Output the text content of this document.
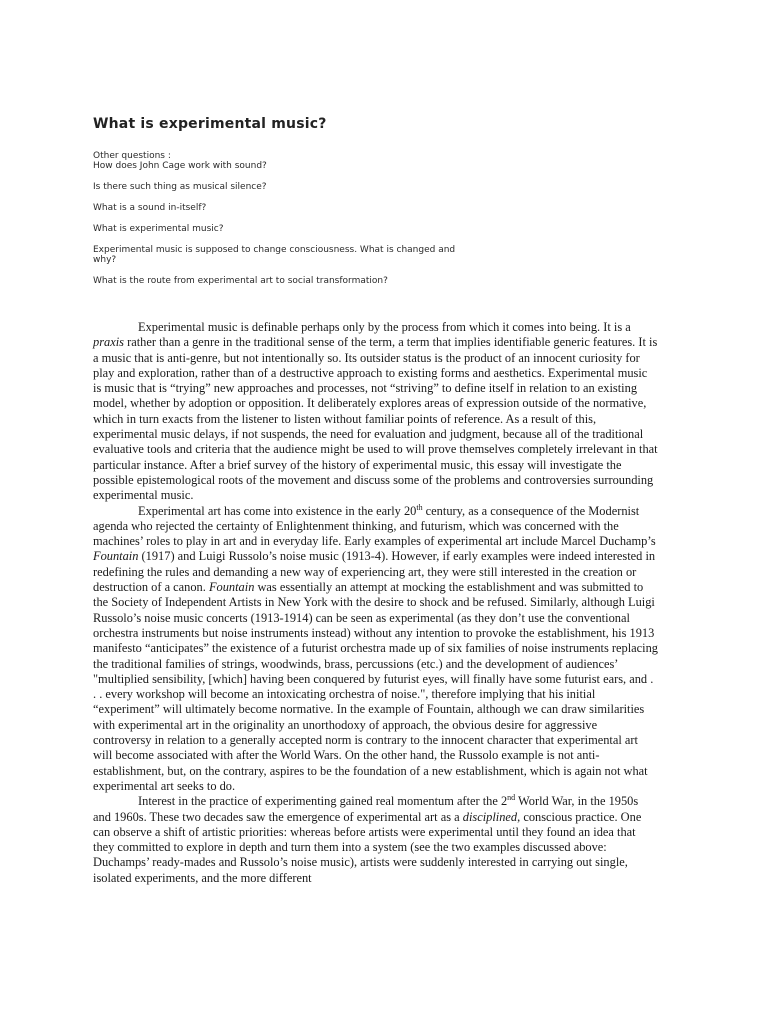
What is experimental music?

Other questions :

How does John Cage work with sound?

Is there such thing as musical silence?

What is a sound in-itself?

What is experimental music?

Experimental music is supposed to change consciousness. What is changed and why?

What is the route from experimental art to social transformation?

Experimental music is definable perhaps only by the process from which it comes into being. It is a praxis rather than a genre in the traditional sense of the term, a term that implies identifiable generic features. It is a music that is anti-genre, but not intentionally so. Its outsider status is the product of an innocent curiosity for play and exploration, rather than of a destructive approach to existing forms and aesthetics. Experimental music is music that is “trying” new approaches and processes, not “striving” to define itself in relation to an existing model, whether by adoption or opposition. It deliberately explores areas of expression outside of the normative, which in turn exacts from the listener to listen without familiar points of reference. As a result of this, experimental music delays, if not suspends, the need for evaluation and judgment, because all of the traditional evaluative tools and criteria that the audience might be used to will prove themselves completely irrelevant in that particular instance. After a brief survey of the history of experimental music, this essay will investigate the possible epistemological roots of the movement and discuss some of the problems and controversies surrounding experimental music.

Experimental art has come into existence in the early 20th century, as a consequence of the Modernist agenda who rejected the certainty of Enlightenment thinking, and futurism, which was concerned with the machines’ roles to play in art and in everyday life. Early examples of experimental art include Marcel Duchamp’s Fountain (1917) and Luigi Russolo’s noise music (1913-4). However, if early examples were indeed interested in redefining the rules and demanding a new way of experiencing art, they were still interested in the creation or destruction of a canon. Fountain was essentially an attempt at mocking the establishment and was submitted to the Society of Independent Artists in New York with the desire to shock and be refused. Similarly, although Luigi Russolo’s noise music concerts (1913-1914) can be seen as experimental (as they don’t use the conventional orchestra instruments but noise instruments instead) without any intention to provoke the establishment, his 1913 manifesto “anticipates” the existence of a futurist orchestra made up of six families of noise instruments replacing the traditional families of strings, woodwinds, brass, percussions (etc.) and the development of audiences’ "multiplied sensibility, [which] having been conquered by futurist eyes, will finally have some futurist ears, and . . . every workshop will become an intoxicating orchestra of noise.", therefore implying that his initial “experiment” will ultimately become normative. In the example of Fountain, although we can draw similarities with experimental art in the originality an unorthodoxy of approach, the obvious desire for aggressive controversy in relation to a generally accepted norm is contrary to the innocent character that experimental art will become associated with after the World Wars. On the other hand, the Russolo example is not anti-establishment, but, on the contrary, aspires to be the foundation of a new establishment, which is again not what experimental art seeks to do.

Interest in the practice of experimenting gained real momentum after the 2nd World War, in the 1950s and 1960s. These two decades saw the emergence of experimental art as a disciplined, conscious practice. One can observe a shift of artistic priorities: whereas before artists were experimental until they found an idea that they committed to explore in depth and turn them into a system (see the two examples discussed above: Duchamps’ ready-mades and Russolo’s noise music), artists were suddenly interested in carrying out single, isolated experiments, and the more different
